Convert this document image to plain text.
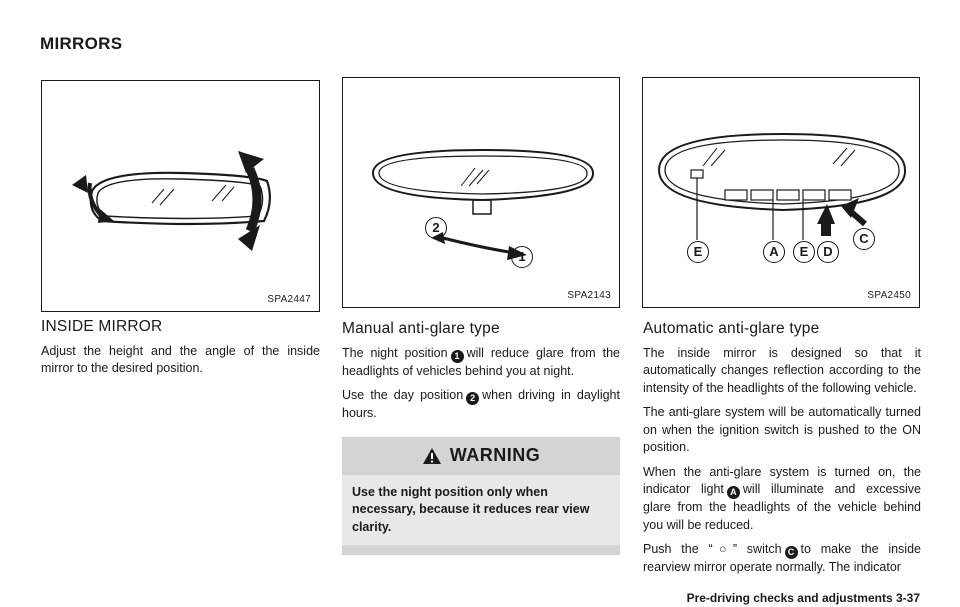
MIRRORS
SPA2447
2
1
SPA2143
E	A	E	D
C
SPA2450
INSIDE MIRROR

Adjust the height and the angle of the inside mirror to the desired position.

Manual anti-glare type

The night position 1 will reduce glare from the headlights of vehicles behind you at night.

Use the day position 2 when driving in daylight hours.

WARNING
Use the night position only when necessary, because it reduces rear view clarity.
Automatic anti-glare type

The inside mirror is designed so that it automatically changes reflection according to the intensity of the headlights of the following vehicle.

The anti-glare system will be automatically turned on when the ignition switch is pushed to the ON position.

When the anti-glare system is turned on, the indicator light A will illuminate and excessive glare from the headlights of the vehicle behind you will be reduced.

Push the “○” switch C to make the inside rearview mirror operate normally. The indicator

Pre-driving checks and adjustments 3-37
